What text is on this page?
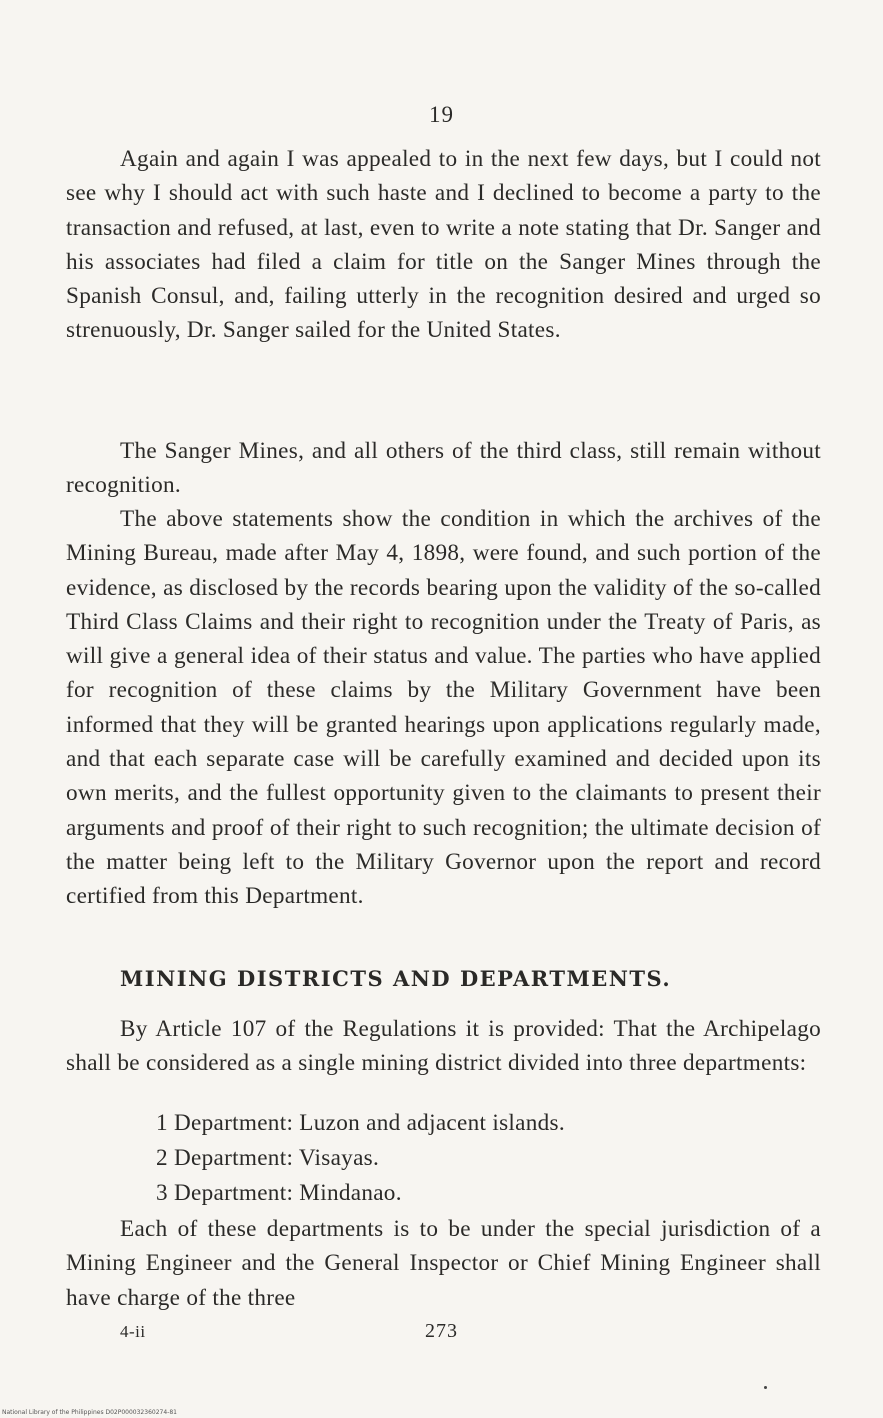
19
Again and again I was appealed to in the next few days, but I could not see why I should act with such haste and I declined to become a party to the transaction and refused, at last, even to write a note stating that Dr. Sanger and his associates had filed a claim for title on the Sanger Mines through the Spanish Consul, and, failing utterly in the recognition desired and urged so strenuously, Dr. Sanger sailed for the United States.
The Sanger Mines, and all others of the third class, still remain without recognition.
The above statements show the condition in which the archives of the Mining Bureau, made after May 4, 1898, were found, and such portion of the evidence, as disclosed by the records bearing upon the validity of the so-called Third Class Claims and their right to recognition under the Treaty of Paris, as will give a general idea of their status and value. The parties who have applied for recognition of these claims by the Military Government have been informed that they will be granted hearings upon applications regularly made, and that each separate case will be carefully examined and decided upon its own merits, and the fullest opportunity given to the claimants to present their arguments and proof of their right to such recognition; the ultimate decision of the matter being left to the Military Governor upon the report and record certified from this Department.
MINING DISTRICTS AND DEPARTMENTS.
By Article 107 of the Regulations it is provided: That the Archipelago shall be considered as a single mining district divided into three departments:
1 Department: Luzon and adjacent islands.
2 Department: Visayas.
3 Department: Mindanao.
Each of these departments is to be under the special jurisdiction of a Mining Engineer and the General Inspector or Chief Mining Engineer shall have charge of the three
4-ii	273
National Library of the Philippines D02P000032360274-81
